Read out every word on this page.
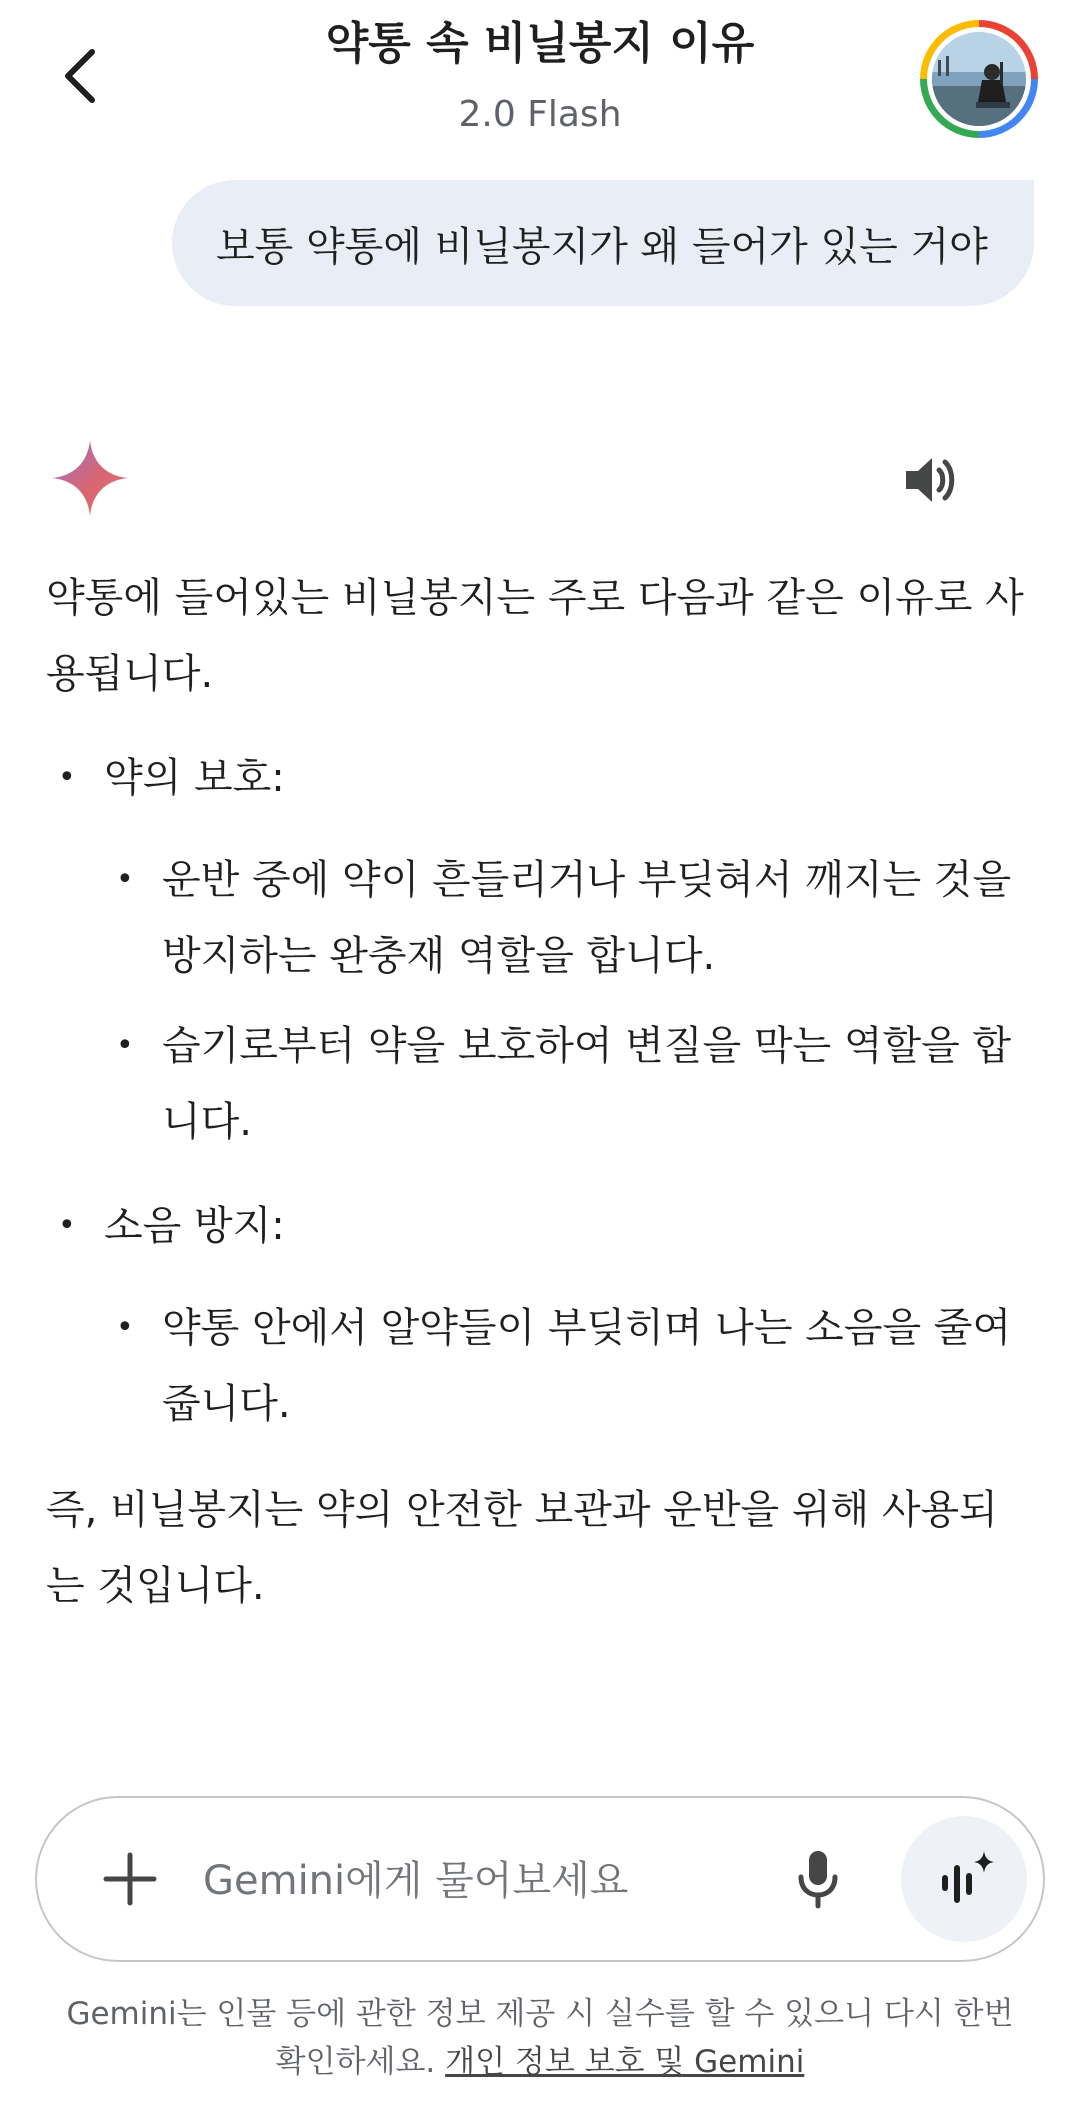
약통 속 비닐봉지 이유
2.0 Flash
보통 약통에 비닐봉지가 왜 들어가 있는 거야

약통에 들어있는 비닐봉지는 주로 다음과 같은 이유로 사용됩니다.

• 약의 보호:
• 운반 중에 약이 흔들리거나 부딪혀서 깨지는 것을 방지하는 완충재 역할을 합니다.
• 습기로부터 약을 보호하여 변질을 막는 역할을 합니다.
• 소음 방지:
• 약통 안에서 알약들이 부딪히며 나는 소음을 줄여줍니다.

즉, 비닐봉지는 약의 안전한 보관과 운반을 위해 사용되는 것입니다.

Gemini에게 물어보세요
Gemini는 인물 등에 관한 정보 제공 시 실수를 할 수 있으니 다시 한번 확인하세요. 개인 정보 보호 및 Gemini
